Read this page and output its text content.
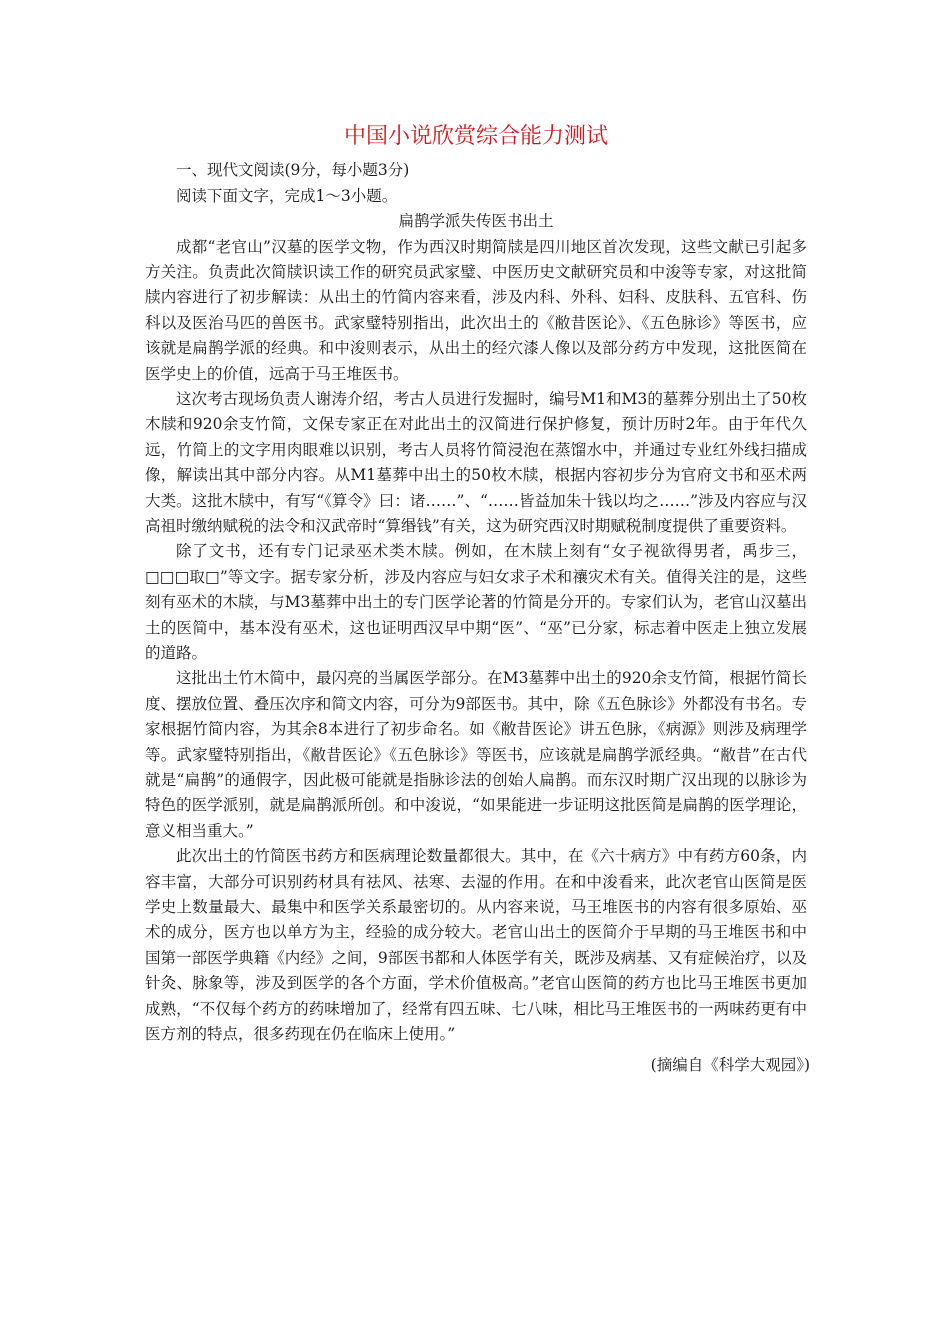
中国小说欣赏综合能力测试

一、现代文阅读(9分，每小题3分)

阅读下面文字，完成1～3小题。

扁鹊学派失传医书出土

成都“老官山”汉墓的医学文物，作为西汉时期简牍是四川地区首次发现，这些文献已引起多方关注。负责此次简牍识读工作的研究员武家璧、中医历史文献研究员和中浚等专家，对这批简牍内容进行了初步解读：从出土的竹简内容来看，涉及内科、外科、妇科、皮肤科、五官科、伤科以及医治马匹的兽医书。武家璧特别指出，此次出土的《敝昔医论》、《五色脉诊》等医书，应该就是扁鹊学派的经典。和中浚则表示，从出土的经穴漆人像以及部分药方中发现，这批医简在医学史上的价值，远高于马王堆医书。

这次考古现场负责人谢涛介绍，考古人员进行发掘时，编号M1和M3的墓葬分别出土了50枚木牍和920余支竹简，文保专家正在对此出土的汉简进行保护修复，预计历时2年。由于年代久远，竹简上的文字用肉眼难以识别，考古人员将竹简浸泡在蒸馏水中，并通过专业红外线扫描成像，解读出其中部分内容。从M1墓葬中出土的50枚木牍，根据内容初步分为官府文书和巫术两大类。这批木牍中，有写“《算令》曰：诸……”、“……皆益加朱十钱以均之……”涉及内容应与汉高祖时缴纳赋税的法令和汉武帝时“算缗钱”有关，这为研究西汉时期赋税制度提供了重要资料。

除了文书，还有专门记录巫术类木牍。例如，在木牍上刻有“女子视欲得男者，禹步三，□□□取□”等文字。据专家分析，涉及内容应与妇女求子术和禳灾术有关。值得关注的是，这些刻有巫术的木牍，与M3墓葬中出土的专门医学论著的竹简是分开的。专家们认为，老官山汉墓出土的医简中，基本没有巫术，这也证明西汉早中期“医”、“巫”已分家，标志着中医走上独立发展的道路。

这批出土竹木简中，最闪亮的当属医学部分。在M3墓葬中出土的920余支竹简，根据竹简长度、摆放位置、叠压次序和简文内容，可分为9部医书。其中，除《五色脉诊》外都没有书名。专家根据竹简内容，为其余8本进行了初步命名。如《敝昔医论》讲五色脉，《病源》则涉及病理学等。武家璧特别指出，《敝昔医论》《五色脉诊》等医书，应该就是扁鹊学派经典。“敝昔”在古代就是“扁鹊”的通假字，因此极可能就是指脉诊法的创始人扁鹊。而东汉时期广汉出现的以脉诊为特色的医学派别，就是扁鹊派所创。和中浚说，“如果能进一步证明这批医简是扁鹊的医学理论，意义相当重大。”

此次出土的竹简医书药方和医病理论数量都很大。其中，在《六十病方》中有药方60条，内容丰富，大部分可识别药材具有祛风、祛寒、去湿的作用。在和中浚看来，此次老官山医简是医学史上数量最大、最集中和医学关系最密切的。从内容来说，马王堆医书的内容有很多原始、巫术的成分，医方也以单方为主，经验的成分较大。老官山出土的医简介于早期的马王堆医书和中国第一部医学典籍《内经》之间，9部医书都和人体医学有关，既涉及病基、又有症候治疗，以及针灸、脉象等，涉及到医学的各个方面，学术价值极高。”老官山医简的药方也比马王堆医书更加成熟，“不仅每个药方的药味增加了，经常有四五味、七八味，相比马王堆医书的一两味药更有中医方剂的特点，很多药现在仍在临床上使用。”

(摘编自《科学大观园》)
